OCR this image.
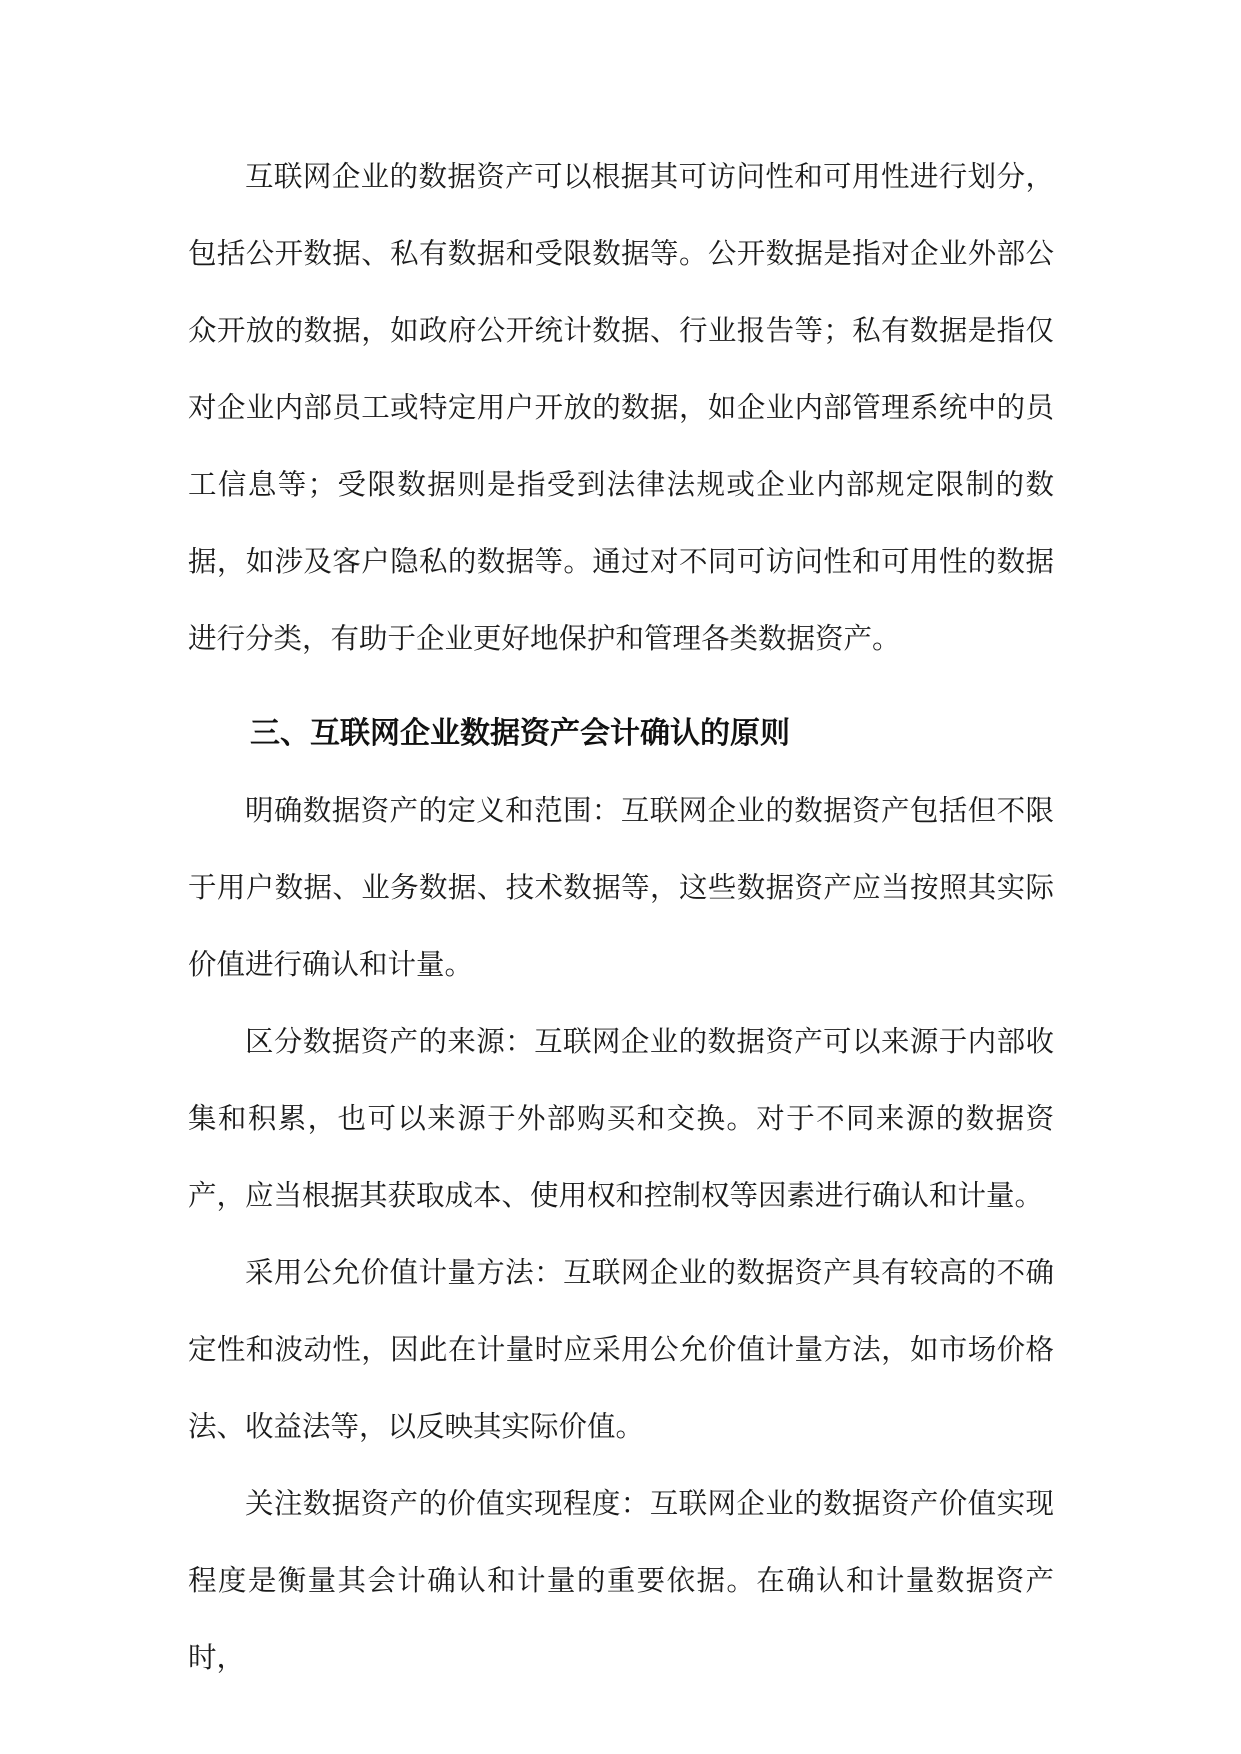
互联网企业的数据资产可以根据其可访问性和可用性进行划分，包括公开数据、私有数据和受限数据等。公开数据是指对企业外部公众开放的数据，如政府公开统计数据、行业报告等；私有数据是指仅对企业内部员工或特定用户开放的数据，如企业内部管理系统中的员工信息等；受限数据则是指受到法律法规或企业内部规定限制的数据，如涉及客户隐私的数据等。通过对不同可访问性和可用性的数据进行分类，有助于企业更好地保护和管理各类数据资产。

三、互联网企业数据资产会计确认的原则

明确数据资产的定义和范围：互联网企业的数据资产包括但不限于用户数据、业务数据、技术数据等，这些数据资产应当按照其实际价值进行确认和计量。

区分数据资产的来源：互联网企业的数据资产可以来源于内部收集和积累，也可以来源于外部购买和交换。对于不同来源的数据资产，应当根据其获取成本、使用权和控制权等因素进行确认和计量。

采用公允价值计量方法：互联网企业的数据资产具有较高的不确定性和波动性，因此在计量时应采用公允价值计量方法，如市场价格法、收益法等，以反映其实际价值。

关注数据资产的价值实现程度：互联网企业的数据资产价值实现程度是衡量其会计确认和计量的重要依据。在确认和计量数据资产时，
